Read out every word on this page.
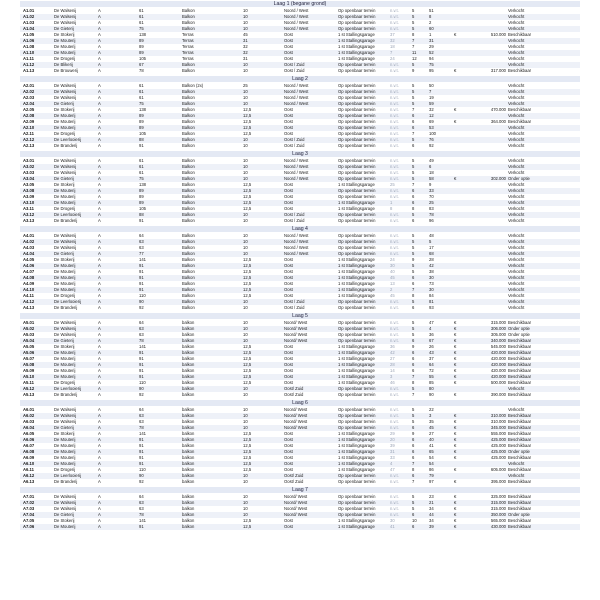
Laag 1 (begane grond)
A1.01	De Walsenij	A	61	Balkon	10	Noord / West	Op openbaar terrein	n.v.t.	5	51	Verkocht
A1.02	De Walsenij	A	61	Balkon	10	Noord / West	Op openbaar terrein	n.v.t.	5	8	Verkocht
A1.03	De Walsenij	A	61	Balkon	10	Noord / West	Op openbaar terrein	n.v.t.	5	2	Verkocht
A1.04	De Gieterij	A	75	Balkon	10	Noord / West	Op openbaar terrein	n.v.t.	5	60	Verkocht
A1.05	De Stokerij	A	138	Terras	45	Oost	1 st Stallingsgarage	37	8	1	€	510.000 Beschikbaar
A1.06	De Mouterij	A	89	Terras	31	Oost	1 st Stallingsgarage	32	7	31	Verkocht
A1.08	De Mouterij	A	89	Terras	32	Oost	1 st Stallingsgarage	18	7	29	Verkocht
A1.10	De Mouterij	A	89	Terras	32	Oost	1 st Stallingsgarage	7	11	52	Verkocht
A1.11	De Drogerij	A	105	Terras	31	Oost	1 st Stallingsgarage	24	12	94	Verkocht
A1.12	De Blikerij	A	67	Balkon	10	Oost / Zuid	Op openbaar terrein	n.v.t.	5	75	Verkocht
A1.13	De Brouwerij	A	78	Balkon	10	Oost / Zuid	Op openbaar terrein	n.v.t.	9	95	€	317.000 Beschikbaar
Laag 2
A2.01	De Walsenij	A	61	Balkon (2x)	25	Noord / West	Op openbaar terrein	n.v.t.	5	50	Verkocht
A2.02	De Walsenij	A	61	Balkon	10	Noord / West	Op openbaar terrein	n.v.t.	5	7	Verkocht
A2.03	De Walsenij	A	61	Balkon	10	Noord / West	Op openbaar terrein	n.v.t.	5	19	Verkocht
A2.04	De Gieterij	A	75	Balkon	10	Noord / West	Op openbaar terrein	n.v.t.	5	59	Verkocht
A2.05	De Stokerij	A	138	Balkon	12,5	Oost	Op openbaar terrein	n.v.t.	7	32	€	470.000 Beschikbaar
A2.08	De Mouterij	A	89	Balkon	12,5	Oost	Op openbaar terrein	n.v.t.	6	12	Verkocht
A2.09	De Mouterij	A	89	Balkon	12,5	Oost	Op openbaar terrein	n.v.t.	6	69	€	364.000 Beschikbaar
A2.10	De Mouterij	A	89	Balkon	12,5	Oost	Op openbaar terrein	n.v.t.	6	53	Verkocht
A2.11	De Drogerij	A	105	Balkon	12,5	Oost	Op openbaar terrein	n.v.t.	7	100	Verkocht
A2.12	De Leerlooierij	A	88	Balkon	10	Oost / Zuid	Op openbaar terrein	n.v.t.	5	76	Verkocht
A2.13	De Branderij	A	91	Balkon	10	Oost / Zuid	Op openbaar terrein	n.v.t.	6	92	Verkocht
Laag 3
A3.01	De Walsenij	A	61	Balkon	10	Noord / West	Op openbaar terrein	n.v.t.	5	49	Verkocht
A3.02	De Walsenij	A	61	Balkon	10	Noord / West	Op openbaar terrein	n.v.t.	5	6	Verkocht
A3.03	De Walsenij	A	61	Balkon	10	Noord / West	Op openbaar terrein	n.v.t.	5	18	Verkocht
A3.04	De Gieterij	A	75	Balkon	10	Noord / West	Op openbaar terrein	n.v.t.	5	58	€	302.000 Onder optie
A3.05	De Stokerij	A	138	Balkon	12,5	Oost	1 st Stallingsgarage	25	7	9	Verkocht
A3.08	De Mouterij	A	89	Balkon	12,5	Oost	Op openbaar terrein	n.v.t.	6	33	Verkocht
A3.09	De Mouterij	A	89	Balkon	12,5	Oost	Op openbaar terrein	n.v.t.	6	70	Verkocht
A3.10	De Mouterij	A	89	Balkon	12,5	Oost	1 st Stallingsgarage	1	6	25	Verkocht
A3.11	De Drogerij	A	105	Balkon	12,5	Oost	1 st Stallingsgarage	8	8	83	Verkocht
A3.12	De Leerlooierij	A	88	Balkon	10	Oost / Zuid	Op openbaar terrein	n.v.t.	5	78	Verkocht
A3.13	De Branderij	A	91	Balkon	10	Oost / Zuid	Op openbaar terrein	n.v.t.	6	96	Verkocht
Laag 4
A4.01	De Walsenij	A	64	Balkon	10	Noord / West	Op openbaar terrein	n.v.t.	5	48	Verkocht
A4.02	De Walsenij	A	63	Balkon	10	Noord / West	Op openbaar terrein	n.v.t.	5	5	Verkocht
A4.03	De Walsenij	A	63	Balkon	10	Noord / West	Op openbaar terrein	n.v.t.	5	17	Verkocht
A4.04	De Gieterij	A	77	Balkon	10	Noord / West	Op openbaar terrein	n.v.t.	5	68	Verkocht
A4.05	De Stokerij	A	141	Balkon	12,5	Oost	1 st Stallingsgarage	24	9	28	Verkocht
A4.06	De Mouterij	A	91	Balkon	12,5	Oost	1 st Stallingsgarage	30	5	42	Verkocht
A4.07	De Mouterij	A	91	Balkon	12,5	Oost	1 st Stallingsgarage	40	5	38	Verkocht
A4.08	De Mouterij	A	91	Balkon	12,5	Oost	1 st Stallingsgarage	45	6	30	Verkocht
A4.09	De Mouterij	A	91	Balkon	12,5	Oost	1 st Stallingsgarage	13	6	73	Verkocht
A4.10	De Mouterij	A	91	Balkon	12,5	Oost	1 st Stallingsgarage	2	7	30	Verkocht
A4.11	De Drogerij	A	110	Balkon	12,5	Oost	1 st Stallingsgarage	45	8	84	Verkocht
A4.12	De Leerlooierij	A	90	Balkon	10	Oost / Zuid	Op openbaar terrein	n.v.t.	5	81	Verkocht
A4.13	De Branderij	A	92	Balkon	10	Oost / Zuid	Op openbaar terrein	n.v.t.	6	93	Verkocht
Laag 5
A5.01	De Walsenij	A	64	balkon	10	Noord/ West	Op openbaar terrein	n.v.t.	5	47	€	315.000 Beschikbaar
A5.02	De Walsenij	A	63	balkon	10	Noord/ West	Op openbaar terrein	n.v.t.	5	4	€	306.000 Onder optie
A5.03	De Walsenij	A	63	balkon	10	Noord/ West	Op openbaar terrein	n.v.t.	5	36	€	305.000 Onder optie
A5.04	De Gieterij	A	78	balkon	10	Noord/ West	Op openbaar terrein	n.v.t.	6	67	€	340.000 Beschikbaar
A5.05	De Stokerij	A	141	balkon	12,5	Oost	1 st Stallingsgarage	36	9	26	€	545.000 Beschikbaar
A5.06	De Mouterij	A	91	balkon	12,5	Oost	1 st Stallingsgarage	42	6	43	€	420.000 Beschikbaar
A5.07	De Mouterij	A	91	balkon	12,5	Oost	1 st Stallingsgarage	27	6	37	€	420.000 Beschikbaar
A5.08	De Mouterij	A	91	balkon	12,5	Oost	1 st Stallingsgarage	28	6	64	€	420.000 Beschikbaar
A5.09	De Mouterij	A	91	balkon	12,5	Oost	1 st Stallingsgarage	14	6	72	€	420.000 Beschikbaar
A5.10	De Mouterij	A	91	balkon	12,5	Oost	1 st Stallingsgarage	3	7	55	€	420.000 Beschikbaar
A5.11	De Drogerij	A	110	balkon	12,5	Oost	1 st Stallingsgarage	46	8	85	€	500.000 Beschikbaar
A5.12	De Leerlooierij	A	90	balkon	10	Oost/ Zuid	Op openbaar terrein	n.v.t.	5	80	Verkocht
A5.13	De Branderij	A	92	balkon	10	Oost/ Zuid	Op openbaar terrein	n.v.t.	7	90	€	390.000 Beschikbaar
Laag 6
A6.01	De Walsenij	A	64	balkon	10	Noord/ West	Op openbaar terrein	n.v.t.	5	22	Verkocht
A6.02	De Walsenij	A	63	balkon	10	Noord/ West	Op openbaar terrein	n.v.t.	5	3	€	310.000 Beschikbaar
A6.03	De Walsenij	A	63	balkon	10	Noord/ West	Op openbaar terrein	n.v.t.	5	35	€	310.000 Beschikbaar
A6.04	De Gieterij	A	78	balkon	10	Noord/ West	Op openbaar terrein	n.v.t.	6	45	€	345.000 Beschikbaar
A6.05	De Stokerij	A	141	balkon	12,5	Oost	1 st Stallingsgarage	29	9	27	€	555.000 Beschikbaar
A6.06	De Mouterij	A	91	balkon	12,5	Oost	1 st Stallingsgarage	20	6	40	€	425.000 Beschikbaar
A6.07	De Mouterij	A	91	balkon	12,5	Oost	1 st Stallingsgarage	39	6	41	€	425.000 Beschikbaar
A6.08	De Mouterij	A	91	balkon	12,5	Oost	1 st Stallingsgarage	31	6	65	€	425.000 Onder optie
A6.09	De Mouterij	A	91	balkon	12,5	Oost	1 st Stallingsgarage	33	6	54	€	425.000 Beschikbaar
A6.10	De Mouterij	A	91	balkon	12,5	Oost	1 st Stallingsgarage	4	7	54	Verkocht
A6.11	De Drogerij	A	110	balkon	12,5	Oost	1 st Stallingsgarage	47	8	86	€	605.000 Beschikbaar
A6.12	De Leerlooierij	A	90	balkon	10	Oost/ Zuid	Op openbaar terrein	n.v.t.	6	79	Verkocht
A6.13	De Branderij	A	92	balkon	10	Oost/ Zuid	Op openbaar terrein	n.v.t.	7	97	€	395.000 Beschikbaar
Laag 7
A7.01	De Walsenij	A	64	balkon	10	Noord/ West	Op openbaar terrein	n.v.t.	5	23	€	325.000 Beschikbaar
A7.02	De Walsenij	A	63	balkon	10	Noord/ West	Op openbaar terrein	n.v.t.	5	21	€	315.000 Beschikbaar
A7.03	De Walsenij	A	63	balkon	10	Noord/ West	Op openbaar terrein	n.v.t.	5	34	€	315.000 Beschikbaar
A7.04	De Gieterij	A	78	balkon	10	Noord/ West	Op openbaar terrein	n.v.t.	6	44	€	350.000 Onder optie
A7.05	De Stokerij	A	141	balkon	12,5	Oost	1 st Stallingsgarage	30	10	34	€	565.000 Beschikbaar
A7.06	De Mouterij	A	91	balkon	12,5	Oost	1 st Stallingsgarage	41	6	39	€	430.000 Beschikbaar
